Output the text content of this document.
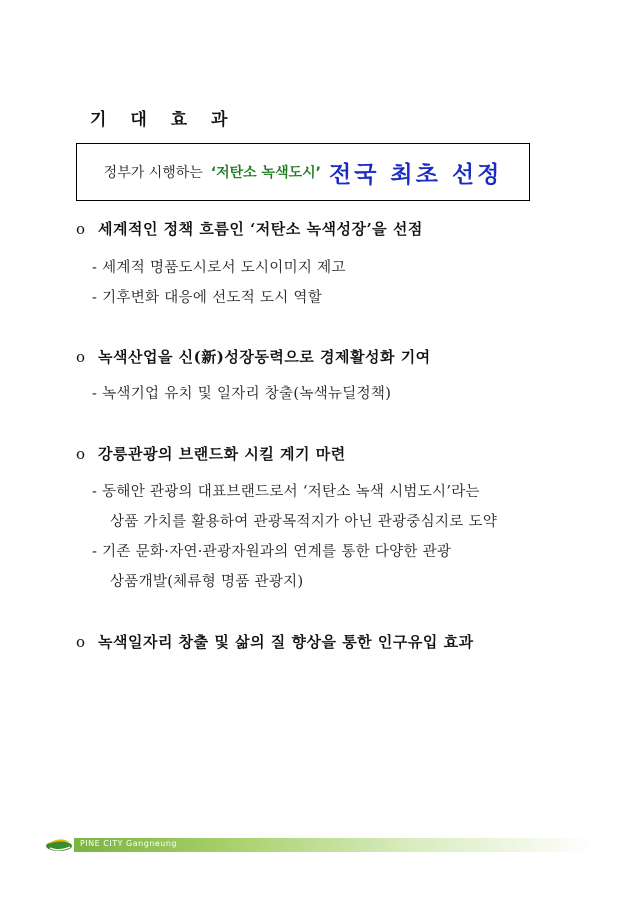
기 대 효 과
정부가 시행하는 ‘저탄소 녹색도시’ 전국 최초 선정
o 세계적인 정책 흐름인 ‘저탄소 녹색성장’을 선점
- 세계적 명품도시로서 도시이미지 제고
- 기후변화 대응에 선도적 도시 역할
o 녹색산업을 신(新)성장동력으로 경제활성화 기여
- 녹색기업 유치 및 일자리 창출(녹색뉴딜정책)
o 강릉관광의 브랜드화 시킬 계기 마련
- 동해안 관광의 대표브랜드로서 ‘저탄소 녹색 시범도시’라는
상품 가치를 활용하여 관광목적지가 아닌 관광중심지로 도약
- 기존 문화·자연·관광자원과의 연계를 통한 다양한 관광
상품개발(체류형 명품 관광지)
o 녹색일자리 창출 및 삶의 질 향상을 통한 인구유입 효과
PINE CITY Gangneung
